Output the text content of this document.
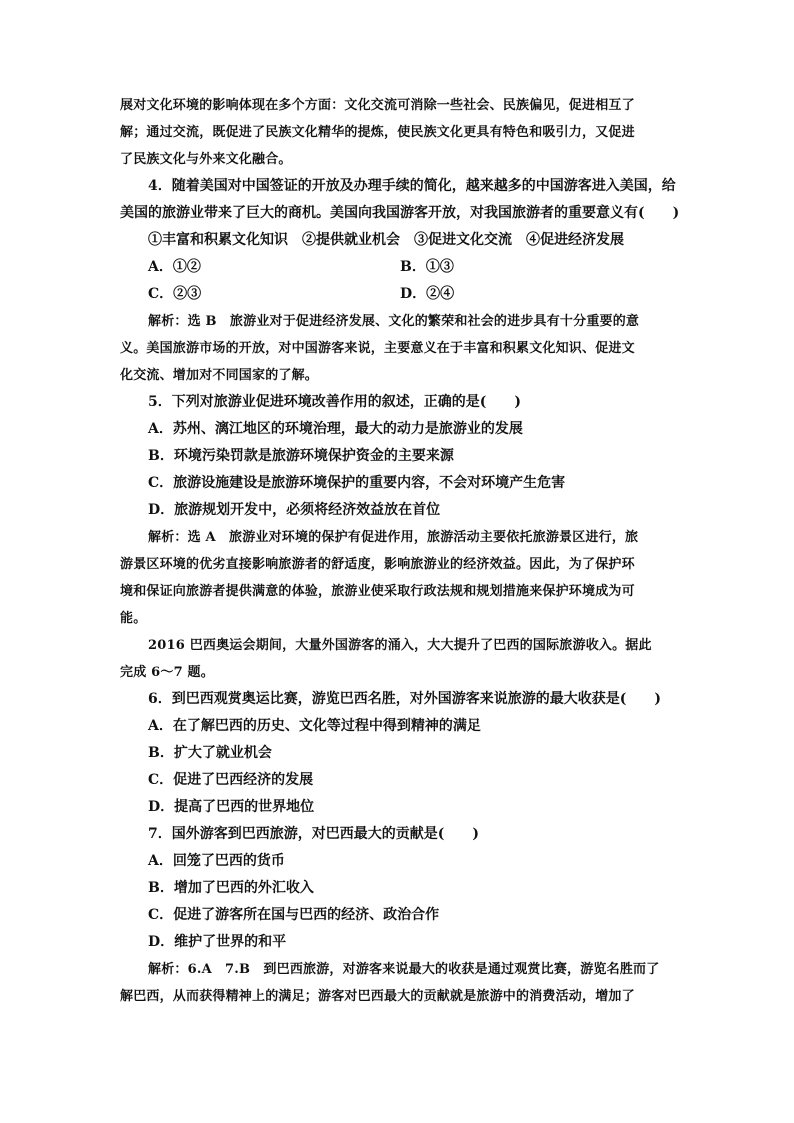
展对文化环境的影响体现在多个方面：文化交流可消除一些社会、民族偏见，促进相互了
解；通过交流，既促进了民族文化精华的提炼，使民族文化更具有特色和吸引力，又促进
了民族文化与外来文化融合。
4．随着美国对中国签证的开放及办理手续的简化，越来越多的中国游客进入美国，给
美国的旅游业带来了巨大的商机。美国向我国游客开放，对我国旅游者的重要意义有(　　)
①丰富和积累文化知识　②提供就业机会　③促进文化交流　④促进经济发展
A．①②	B．①③
C．②③	D．②④
解析：选 B　旅游业对于促进经济发展、文化的繁荣和社会的进步具有十分重要的意
义。美国旅游市场的开放，对中国游客来说，主要意义在于丰富和积累文化知识、促进文
化交流、增加对不同国家的了解。
5．下列对旅游业促进环境改善作用的叙述，正确的是(　　)
A．苏州、漓江地区的环境治理，最大的动力是旅游业的发展
B．环境污染罚款是旅游环境保护资金的主要来源
C．旅游设施建设是旅游环境保护的重要内容，不会对环境产生危害
D．旅游规划开发中，必须将经济效益放在首位
解析：选 A　旅游业对环境的保护有促进作用，旅游活动主要依托旅游景区进行，旅
游景区环境的优劣直接影响旅游者的舒适度，影响旅游业的经济效益。因此，为了保护环
境和保证向旅游者提供满意的体验，旅游业使采取行政法规和规划措施来保护环境成为可
能。
2016 巴西奥运会期间，大量外国游客的涌入，大大提升了巴西的国际旅游收入。据此
完成 6～7 题。
6．到巴西观赏奥运比赛，游览巴西名胜，对外国游客来说旅游的最大收获是(　　)
A．在了解巴西的历史、文化等过程中得到精神的满足
B．扩大了就业机会
C．促进了巴西经济的发展
D．提高了巴西的世界地位
7．国外游客到巴西旅游，对巴西最大的贡献是(　　)
A．回笼了巴西的货币
B．增加了巴西的外汇收入
C．促进了游客所在国与巴西的经济、政治合作
D．维护了世界的和平
解析：6.A　7.B　到巴西旅游，对游客来说最大的收获是通过观赏比赛，游览名胜而了
解巴西，从而获得精神上的满足；游客对巴西最大的贡献就是旅游中的消费活动，增加了
